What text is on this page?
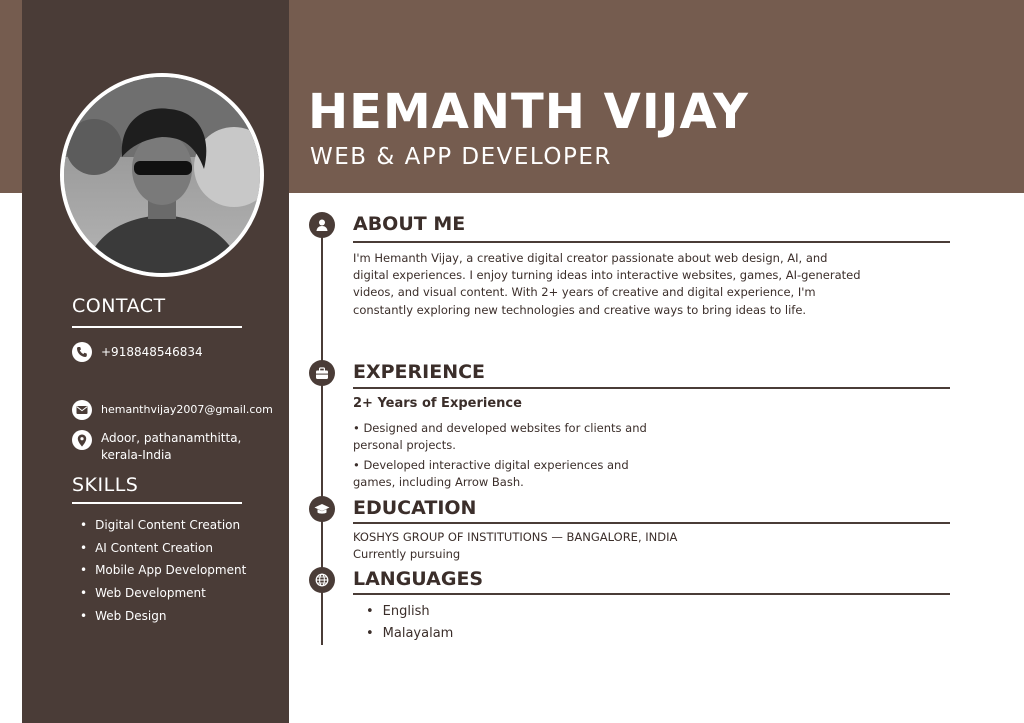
HEMANTH VIJAY
WEB & APP DEVELOPER
CONTACT
+918848546834
hemanthvijay2007@gmail.com
Adoor, pathanamthitta,
kerala-India
SKILLS
• Digital Content Creation
• AI Content Creation
• Mobile App Development
• Web Development
• Web Design
ABOUT ME
I'm Hemanth Vijay, a creative digital creator passionate about web design, AI, and digital experiences. I enjoy turning ideas into interactive websites, games, AI-generated videos, and visual content. With 2+ years of creative and digital experience, I'm constantly exploring new technologies and creative ways to bring ideas to life.
EXPERIENCE
2+ Years of Experience
• Designed and developed websites for clients and personal projects.
• Developed interactive digital experiences and games, including Arrow Bash.
EDUCATION
KOSHYS GROUP OF INSTITUTIONS — BANGALORE, INDIA
Currently pursuing
LANGUAGES
• English
• Malayalam
